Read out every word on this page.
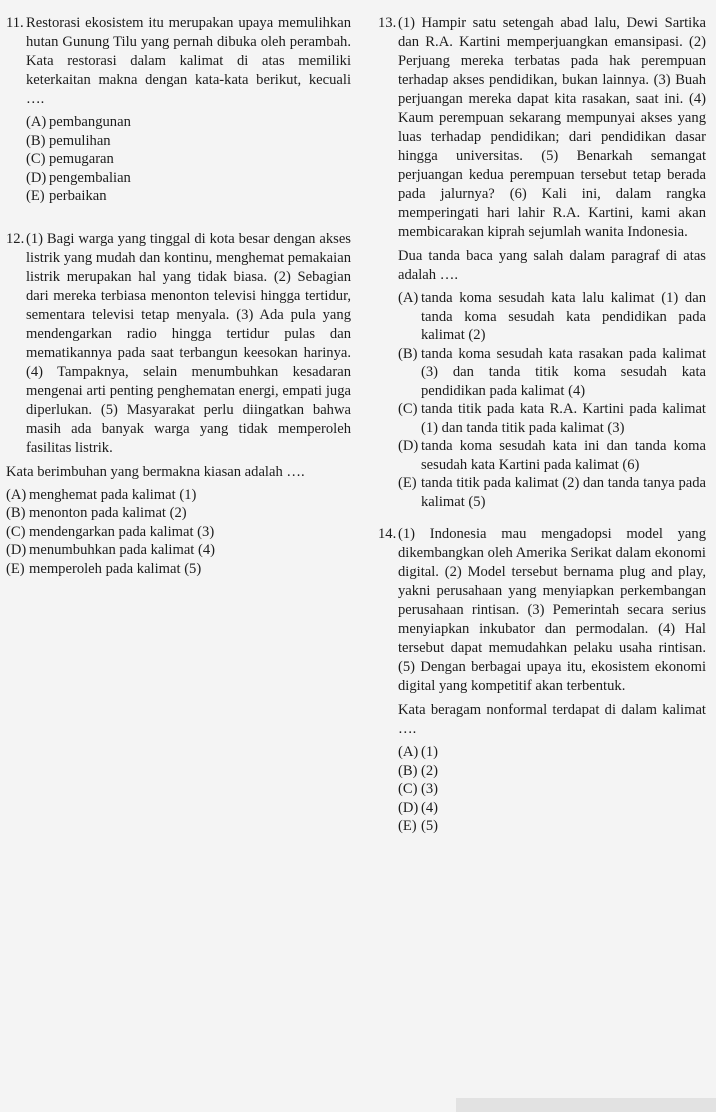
11. Restorasi ekosistem itu merupakan upaya memulihkan hutan Gunung Tilu yang pernah dibuka oleh perambah. Kata restorasi dalam kalimat di atas memiliki keterkaitan makna dengan kata-kata berikut, kecuali ….

(A) pembangunan
(B) pemulihan
(C) pemugaran
(D) pengembalian
(E) perbaikan
12. (1) Bagi warga yang tinggal di kota besar dengan akses listrik yang mudah dan kontinu, menghemat pemakaian listrik merupakan hal yang tidak biasa. (2) Sebagian dari mereka terbiasa menonton televisi hingga tertidur, sementara televisi tetap menyala. (3) Ada pula yang mendengarkan radio hingga tertidur pulas dan mematikannya pada saat terbangun keesokan harinya. (4) Tampaknya, selain menumbuhkan kesadaran mengenai arti penting penghematan energi, empati juga diperlukan. (5) Masyarakat perlu diingatkan bahwa masih ada banyak warga yang tidak memperoleh fasilitas listrik.

Kata berimbuhan yang bermakna kiasan adalah ….

(A) menghemat pada kalimat (1)
(B) menonton pada kalimat (2)
(C) mendengarkan pada kalimat (3)
(D) menumbuhkan pada kalimat (4)
(E) memperoleh pada kalimat (5)
13. (1) Hampir satu setengah abad lalu, Dewi Sartika dan R.A. Kartini memperjuangkan emansipasi. (2) Perjuang mereka terbatas pada hak perempuan terhadap akses pendidikan, bukan lainnya. (3) Buah perjuangan mereka dapat kita rasakan, saat ini. (4) Kaum perempuan sekarang mempunyai akses yang luas terhadap pendidikan; dari pendidikan dasar hingga universitas. (5) Benarkah semangat perjuangan kedua perempuan tersebut tetap berada pada jalurnya? (6) Kali ini, dalam rangka memperingati hari lahir R.A. Kartini, kami akan membicarakan kiprah sejumlah wanita Indonesia.

Dua tanda baca yang salah dalam paragraf di atas adalah ….

(A) tanda koma sesudah kata lalu kalimat (1) dan tanda koma sesudah kata pendidikan pada kalimat (2)
(B) tanda koma sesudah kata rasakan pada kalimat (3) dan tanda titik koma sesudah kata pendidikan pada kalimat (4)
(C) tanda titik pada kata R.A. Kartini pada kalimat (1) dan tanda titik pada kalimat (3)
(D) tanda koma sesudah kata ini dan tanda koma sesudah kata Kartini pada kalimat (6)
(E) tanda titik pada kalimat (2) dan tanda tanya pada kalimat (5)
14. (1) Indonesia mau mengadopsi model yang dikembangkan oleh Amerika Serikat dalam ekonomi digital. (2) Model tersebut bernama plug and play, yakni perusahaan yang menyiapkan perkembangan perusahaan rintisan. (3) Pemerintah secara serius menyiapkan inkubator dan permodalan. (4) Hal tersebut dapat memudahkan pelaku usaha rintisan. (5) Dengan berbagai upaya itu, ekosistem ekonomi digital yang kompetitif akan terbentuk.

Kata beragam nonformal terdapat di dalam kalimat ….

(A) (1)
(B) (2)
(C) (3)
(D) (4)
(E) (5)
